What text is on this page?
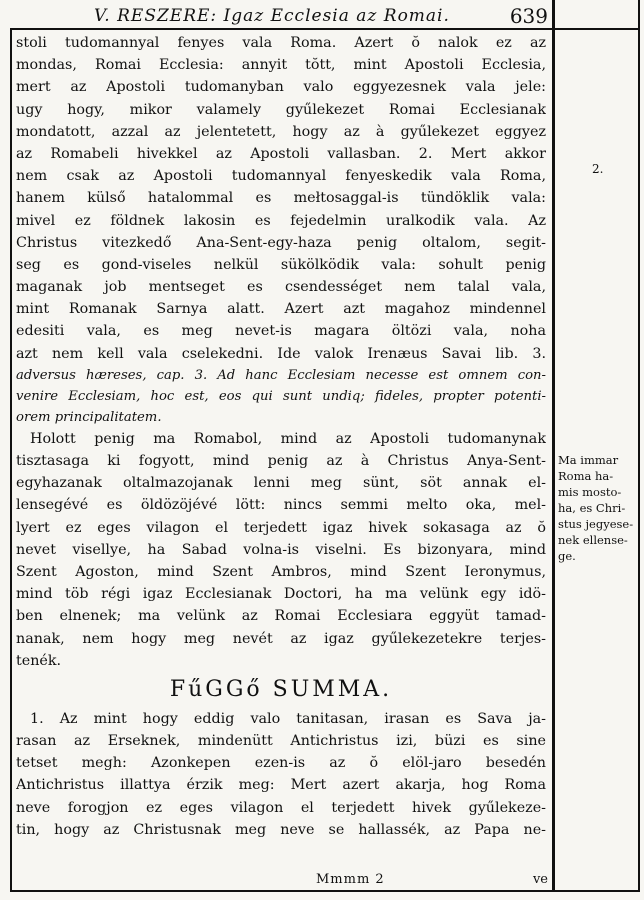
V. RESZERE: Igaz Ecclesia az Romai.	639
stoli tudomannyal fenyes vala Roma. Azert ŏ nalok ez az
mondas, Romai Ecclesia: annyit tŏtt, mint Apostoli Ecclesia,
mert az Apostoli tudomanyban valo eggyezesnek vala jele:
ugy hogy, mikor valamely gyűlekezet Romai Ecclesianak
mondatott, azzal az jelentetett, hogy az à gyűlekezet eggyez
az Romabeli hivekkel az Apostoli vallasban. 2. Mert akkor
nem csak az Apostoli tudomannyal fenyeskedik vala Roma,
hanem külső hatalommal es mełtosaggal-is tündöklik vala:
mivel ez földnek lakosin es fejedelmin uralkodik vala. Az
Christus vitezkedő Ana-Sent-egy-haza penig oltalom, segit-
seg es gond-viseles nelkül sükölködik vala: sohult penig
maganak job mentseget es csendességet nem talal vala,
mint Romanak Sarnya alatt. Azert azt magahoz mindennel
edesiti vala, es meg nevet-is magara öltözi vala, noha
azt nem kell vala cselekedni. Ide valok Irenæus Savai lib. 3.
adversus hæreses, cap. 3. Ad hanc Ecclesiam necesse est omnem con-
venire Ecclesiam, hoc est, eos qui sunt undiq; fideles, propter potenti-
orem principalitatem.
Holott penig ma Romabol, mind az Apostoli tudomanynak
tisztasaga ki fogyott, mind penig az à Christus Anya-Sent-
egyhazanak oltalmazojanak lenni meg sünt, söt annak el-
lensegévé es öldözöjévé lött: nincs semmi melto oka, mel-
lyert ez eges vilagon el terjedett igaz hivek sokasaga az ŏ
nevet visellye, ha Sabad volna-is viselni. Es bizonyara, mind
Szent Agoston, mind Szent Ambros, mind Szent Ieronymus,
mind töb régi igaz Ecclesianak Doctori, ha ma velünk egy idö-
ben elnenek; ma velünk az Romai Ecclesiara eggyüt tamad-
nanak, nem hogy meg nevét az igaz gyűlekezetekre terjes-
tenék.
FűGGő SUMMA.
1. Az mint hogy eddig valo tanitasan, irasan es Sava ja-
rasan az Erseknek, mindenütt Antichristus izi, büzi es sine
tetset megh: Azonkepen ezen-is az ŏ elöl-jaro besedén
Antichristus illattya érzik meg: Mert azert akarja, hog Roma
neve forogjon ez eges vilagon el terjedett hivek gyűlekeze-
tin, hogy az Christusnak meg neve se hallassék, az Papa ne-
2.
Ma immar
Roma ha-
mis mosto-
ha, es Chri-
stus jegyese-
nek ellense-
ge.
Mmmm 2	ve
